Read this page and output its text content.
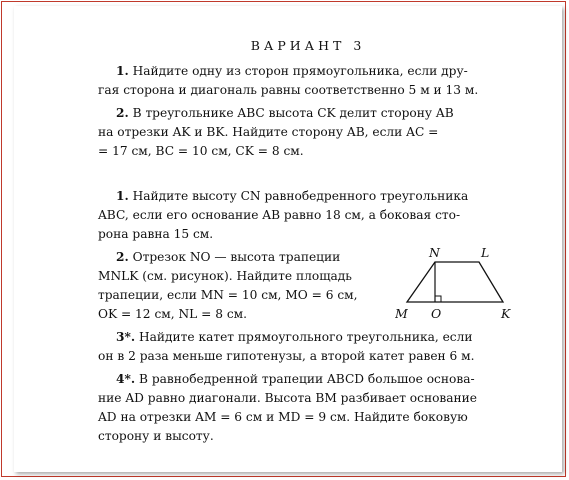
ВАРИАНТ 3

1. Найдите одну из сторон прямоугольника, если дру-

гая сторона и диагональ равны соответственно 5 м и 13 м.

2. В треугольнике ABC высота CK делит сторону AB

на отрезки AK и BK. Найдите сторону AB, если AC =

= 17 см, BC = 10 см, CK = 8 см.

1. Найдите высоту CN равнобедренного треугольника

ABC, если его основание AB равно 18 см, а боковая сто-

рона равна 15 см.

2. Отрезок NO — высота трапеции

MNLK (см. рисунок). Найдите площадь

трапеции, если MN = 10 см, MO = 6 см,

OK = 12 см, NL = 8 см.

N	L
M O	K

3*. Найдите катет прямоугольного треугольника, если

он в 2 раза меньше гипотенузы, а второй катет равен 6 м.

4*. В равнобедренной трапеции ABCD большое основа-

ние AD равно диагонали. Высота BM разбивает основание

AD на отрезки AM = 6 см и MD = 9 см. Найдите боковую

сторону и высоту.
